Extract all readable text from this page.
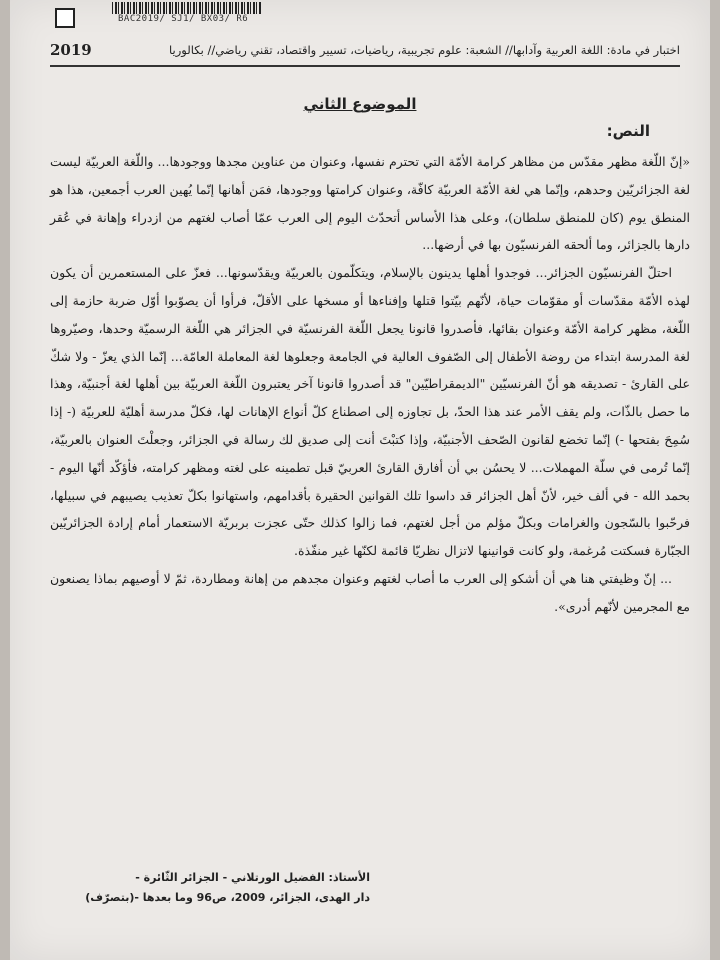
BAC2019/ SJ1/ BX03/ R6
2019	اختبار في مادة: اللغة العربية وآدابها// الشعبة: علوم تجريبية، رياضيات، تسيير واقتصاد، تقني رياضي// بكالوريا
الموضوع الثاني
النص:

«إنّ اللّغة مظهر مقدّس من مظاهر كرامة الأمّة التي تحترم نفسها، وعنوان من عناوين مجدها ووجودها... واللّغة العربيّة ليست لغة الجزائريّين وحدهم، وإنّما هي لغة الأمّة العربيّة كافّة، وعنوان كرامتها ووجودها، فمَن أهانها إنّما يُهين العرب أجمعين، هذا هو المنطق يوم (كان للمنطق سلطان)، وعلى هذا الأساس أتحدّث اليوم إلى العرب عمّا أصاب لغتهم من ازدراء وإهانة في عُقر دارها بالجزائر، وما ألحقه الفرنسيّون بها في أرضها...

احتلّ الفرنسيّون الجزائر... فوجدوا أهلها يدينون بالإسلام، ويتكلّمون بالعربيّة ويقدّسونها... فعزّ على المستعمرين أن يكون لهذه الأمّة مقدّسات أو مقوّمات حياة، لأنّهم بيّتوا قتلها وإفناءها أو مسخها على الأقلّ، فرأوا أن يصوّبوا أوّل ضربة حازمة إلى اللّغة، مظهر كرامة الأمّة وعنوان بقائها، فأصدروا قانونا يجعل اللّغة الفرنسيّة في الجزائر هي اللّغة الرسميّة وحدها، وصيّروها لغة المدرسة ابتداء من روضة الأطفال إلى الصّفوف العالية في الجامعة وجعلوها لغة المعاملة العامّة... إنّما الذي يعزّ - ولا شكّ على القارئ - تصديقه هو أنّ الفرنسيّين "الديمقراطيّين" قد أصدروا قانونا آخر يعتبرون اللّغة العربيّة بين أهلها لغة أجنبيّة، وهذا ما حصل بالذّات، ولم يقف الأمر عند هذا الحدّ، بل تجاوزه إلى اصطناع كلّ أنواع الإهانات لها، فكلّ مدرسة أهليّة للعربيّة (- إذا سُمِحَ بفتحها -) إنّما تخضع لقانون الصّحف الأجنبيّة، وإذا كتبْتَ أنت إلى صديق لك رسالة في الجزائر، وجعلْتَ العنوان بالعربيّة، إنّما تُرمى في سلّة المهملات... لا يحسُن بي أن أفارق القارئ العربيّ قبل تطمينه على لغته ومظهر كرامته، فأؤكّد أنّها اليوم - بحمد الله - في ألف خير، لأنّ أهل الجزائر قد داسوا تلك القوانين الحقيرة بأقدامهم، واستهانوا بكلّ تعذيب يصيبهم في سبيلها، فرحّبوا بالسّجون والغرامات وبكلّ مؤلم من أجل لغتهم، فما زالوا كذلك حتّى عجزت بربريّة الاستعمار أمام إرادة الجزائريّين الجبّارة فسكتت مُرغمة، ولو كانت قوانينها لاتزال نظريّا قائمة لكنّها غير منفّذة.

... إنّ وظيفتي هنا هي أن أشكو إلى العرب ما أصاب لغتهم وعنوان مجدهم من إهانة ومطاردة، ثمّ لا أوصيهم بماذا يصنعون مع المجرمين لأنّهم أدرى».

الأستاذ: الفضيل الورتلاني - الجزائر الثّائرة -
دار الهدى، الجزائر، 2009، ص96 وما بعدها -(بتصرّف)
